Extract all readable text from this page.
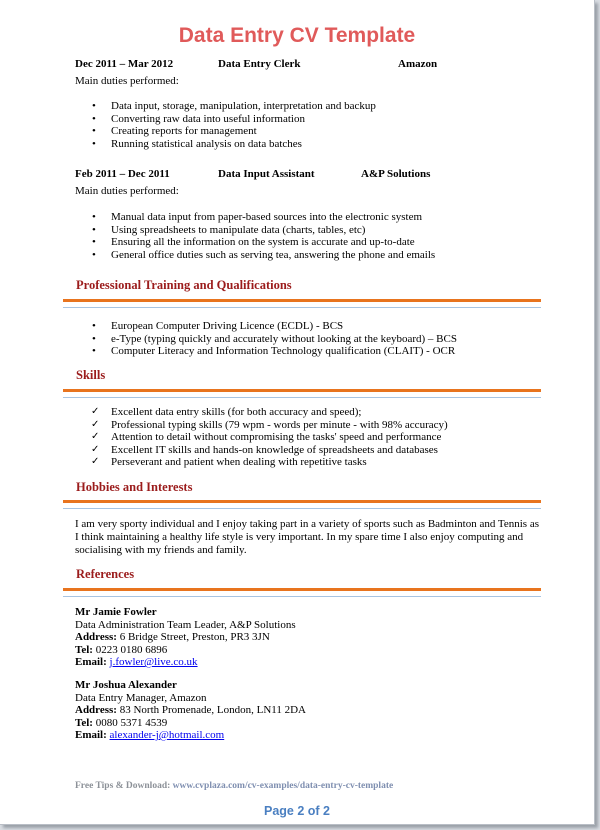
Data Entry CV Template
Dec 2011 – Mar 2012	Data Entry Clerk	Amazon
Main duties performed:
• Data input, storage, manipulation, interpretation and backup
• Converting raw data into useful information
• Creating reports for management
• Running statistical analysis on data batches
Feb 2011 – Dec 2011	Data Input Assistant	A&P Solutions
Main duties performed:
• Manual data input from paper-based sources into the electronic system
• Using spreadsheets to manipulate data (charts, tables, etc)
• Ensuring all the information on the system is accurate and up-to-date
• General office duties such as serving tea, answering the phone and emails
Professional Training and Qualifications
• European Computer Driving Licence (ECDL) - BCS
• e-Type (typing quickly and accurately without looking at the keyboard) – BCS
• Computer Literacy and Information Technology qualification (CLAIT) - OCR
Skills
✓ Excellent data entry skills (for both accuracy and speed);
✓ Professional typing skills (79 wpm - words per minute - with 98% accuracy)
✓ Attention to detail without compromising the tasks' speed and performance
✓ Excellent IT skills and hands-on knowledge of spreadsheets and databases
✓ Perseverant and patient when dealing with repetitive tasks
Hobbies and Interests
I am very sporty individual and I enjoy taking part in a variety of sports such as Badminton and Tennis as I think maintaining a healthy life style is very important. In my spare time I also enjoy computing and socialising with my friends and family.
References
Mr Jamie Fowler
Data Administration Team Leader, A&P Solutions
Address: 6 Bridge Street, Preston, PR3 3JN
Tel: 0223 0180 6896
Email: j.fowler@live.co.uk
Mr Joshua Alexander
Data Entry Manager, Amazon
Address: 83 North Promenade, London, LN11 2DA
Tel: 0080 5371 4539
Email: alexander-j@hotmail.com
Free Tips & Download: www.cvplaza.com/cv-examples/data-entry-cv-template
Page 2 of 2
